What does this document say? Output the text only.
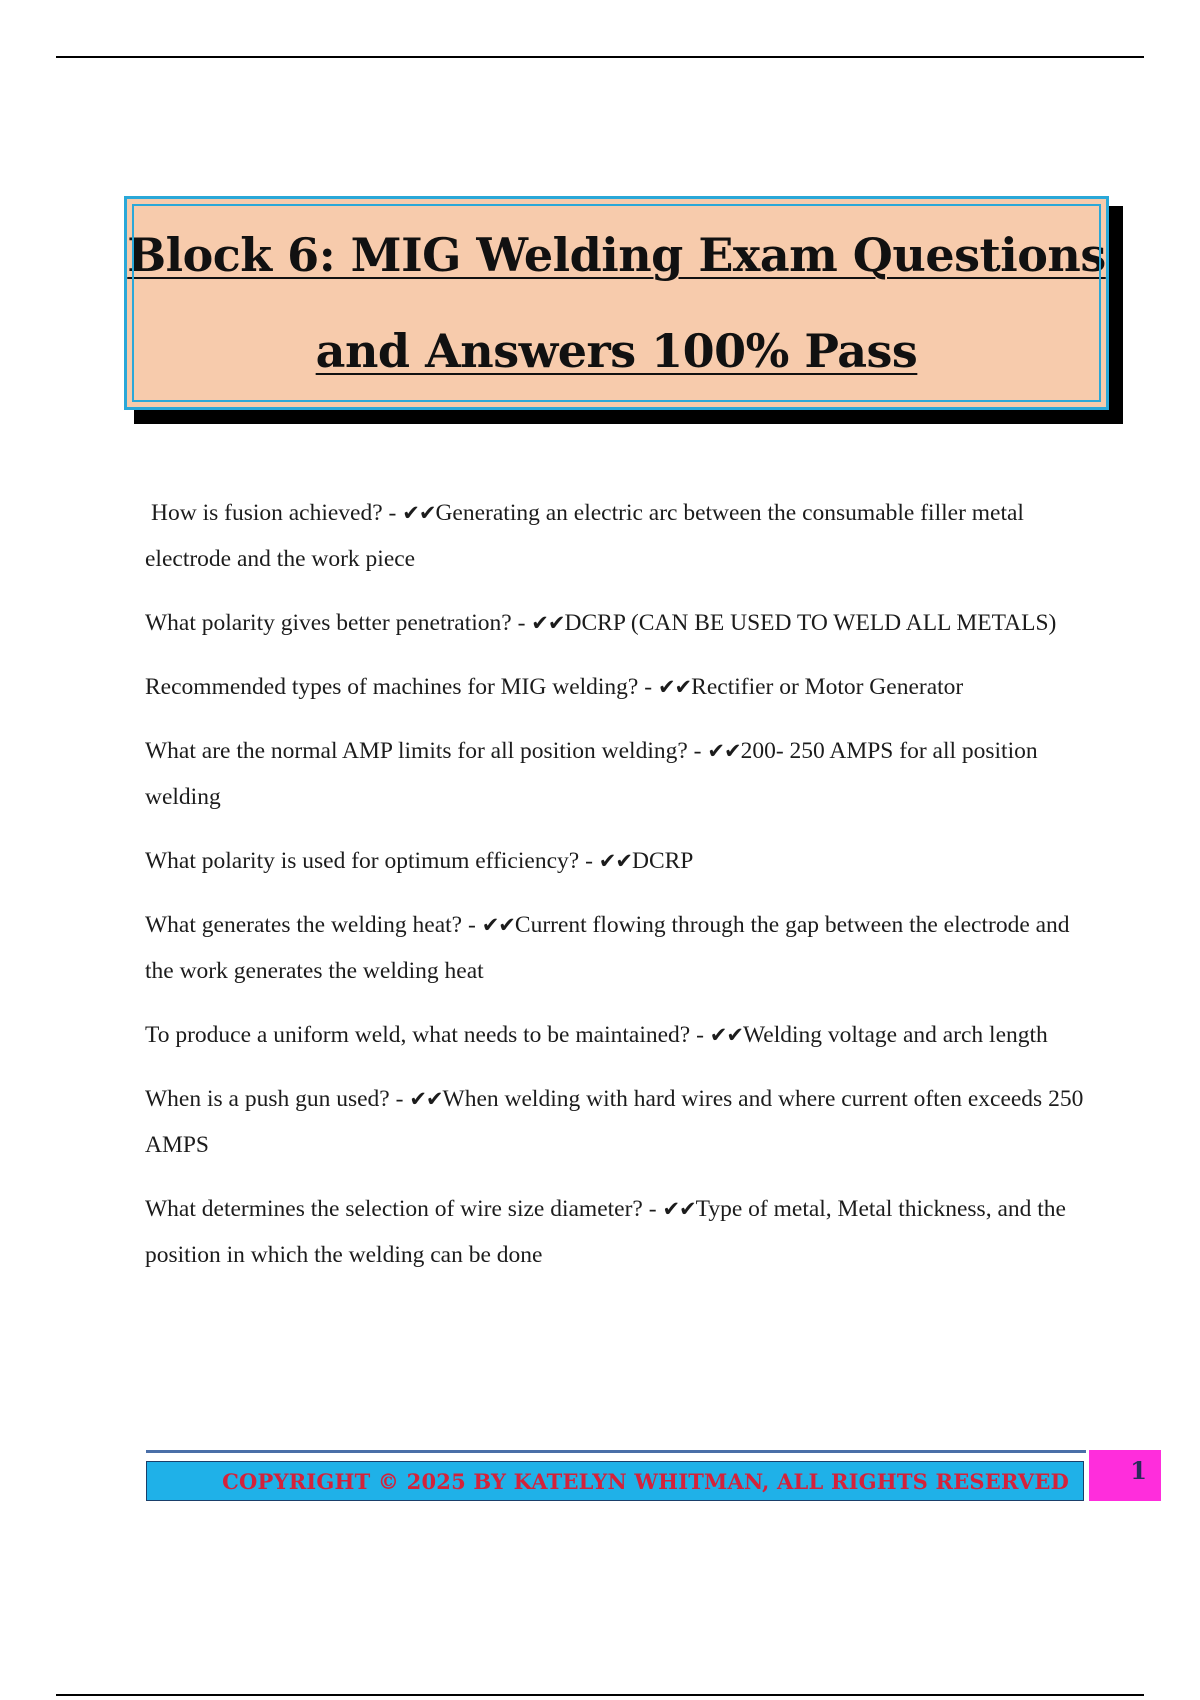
Block 6: MIG Welding Exam Questions
and Answers 100% Pass

How is fusion achieved? - ✔✔Generating an electric arc between the consumable filler metal electrode and the work piece

What polarity gives better penetration? - ✔✔DCRP (CAN BE USED TO WELD ALL METALS)

Recommended types of machines for MIG welding? - ✔✔Rectifier or Motor Generator

What are the normal AMP limits for all position welding? - ✔✔200- 250 AMPS for all position welding

What polarity is used for optimum efficiency? - ✔✔DCRP

What generates the welding heat? - ✔✔Current flowing through the gap between the electrode and the work generates the welding heat

To produce a uniform weld, what needs to be maintained? - ✔✔Welding voltage and arch length

When is a push gun used? - ✔✔When welding with hard wires and where current often exceeds 250 AMPS

What determines the selection of wire size diameter? - ✔✔Type of metal, Metal thickness, and the position in which the welding can be done

COPYRIGHT © 2025 BY KATELYN WHITMAN, ALL RIGHTS RESERVED	1
